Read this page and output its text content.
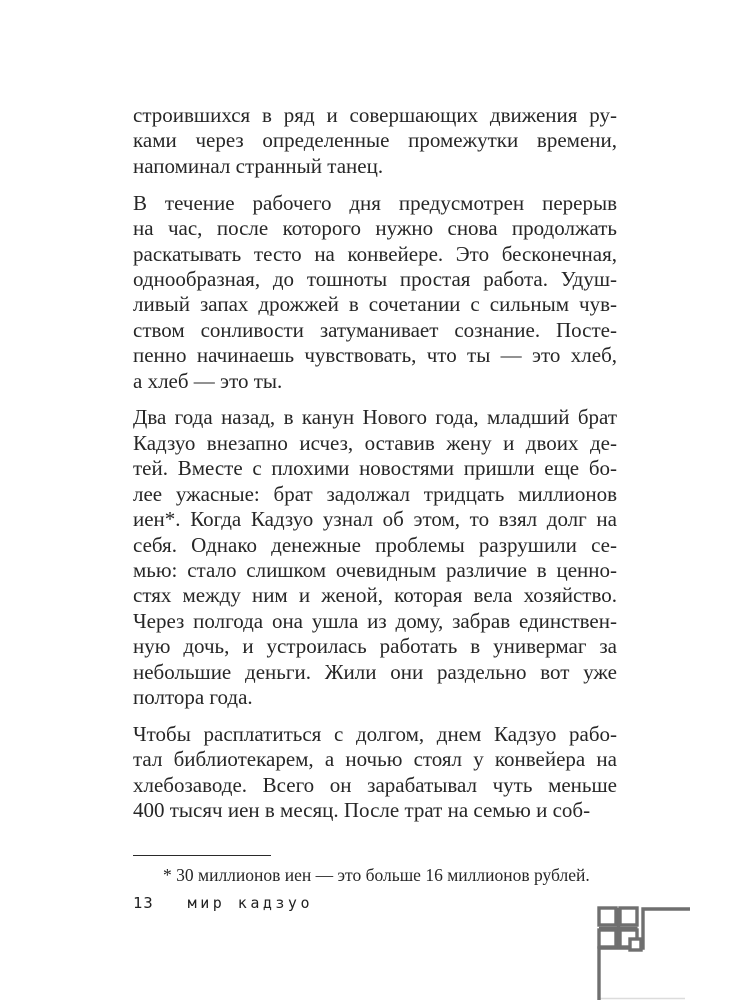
строившихся в ряд и совершающих движения ру-
ками через определенные промежутки времени,
напоминал странный танец.
В течение рабочего дня предусмотрен перерыв
на час, после которого нужно снова продолжать
раскатывать тесто на конвейере. Это бесконечная,
однообразная, до тошноты простая работа. Удуш-
ливый запах дрожжей в сочетании с сильным чув-
ством сонливости затуманивает сознание. Посте-
пенно начинаешь чувствовать, что ты — это хлеб,
а хлеб — это ты.
Два года назад, в канун Нового года, младший брат
Кадзуо внезапно исчез, оставив жену и двоих де-
тей. Вместе с плохими новостями пришли еще бо-
лее ужасные: брат задолжал тридцать миллионов
иен*. Когда Кадзуо узнал об этом, то взял долг на
себя. Однако денежные проблемы разрушили се-
мью: стало слишком очевидным различие в ценно-
стях между ним и женой, которая вела хозяйство.
Через полгода она ушла из дому, забрав единствен-
ную дочь, и устроилась работать в универмаг за
небольшие деньги. Жили они раздельно вот уже
полтора года.
Чтобы расплатиться с долгом, днем Кадзуо рабо-
тал библиотекарем, а ночью стоял у конвейера на
хлебозаводе. Всего он зарабатывал чуть меньше
400 тысяч иен в месяц. После трат на семью и соб-
* 30 миллионов иен — это больше 16 миллионов рублей.
13 мир кадзуо
